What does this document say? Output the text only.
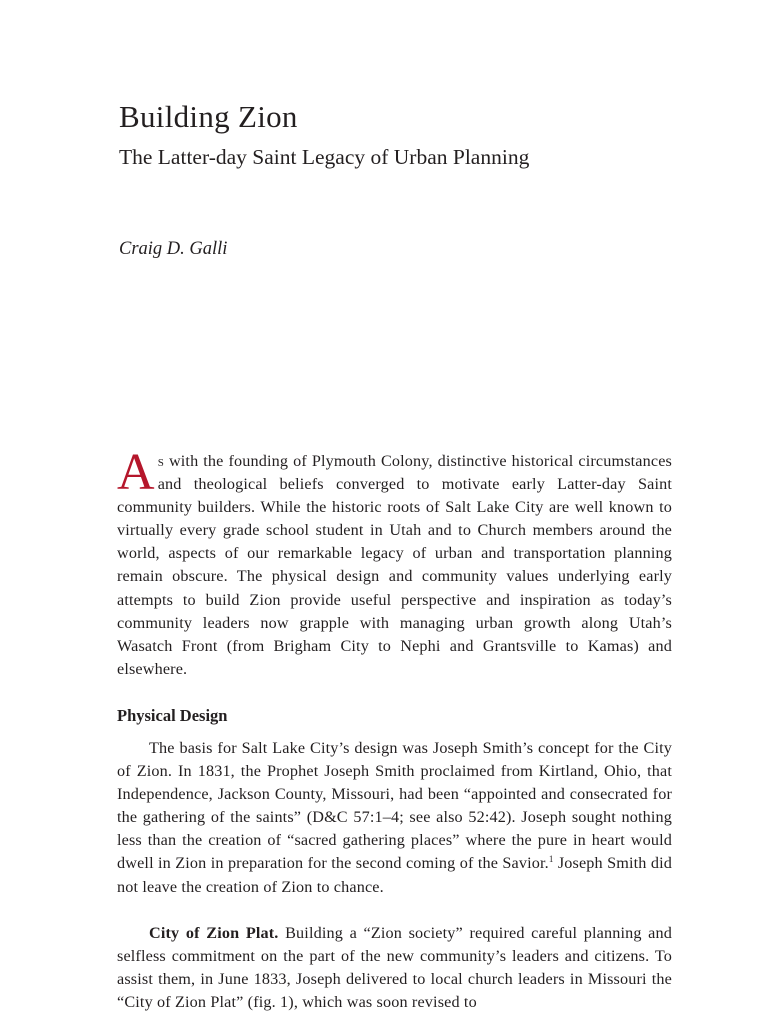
Building Zion
The Latter-day Saint Legacy of Urban Planning

Craig D. Galli

As with the founding of Plymouth Colony, distinctive historical circumstances and theological beliefs converged to motivate early Latter-day Saint community builders. While the historic roots of Salt Lake City are well known to virtually every grade school student in Utah and to Church members around the world, aspects of our remarkable legacy of urban and transportation planning remain obscure. The physical design and community values underlying early attempts to build Zion provide useful perspective and inspiration as today’s community leaders now grapple with managing urban growth along Utah’s Wasatch Front (from Brigham City to Nephi and Grantsville to Kamas) and elsewhere.
Physical Design

The basis for Salt Lake City’s design was Joseph Smith’s concept for the City of Zion. In 1831, the Prophet Joseph Smith proclaimed from Kirtland, Ohio, that Independence, Jackson County, Missouri, had been “appointed and consecrated for the gathering of the saints” (D&C 57:1–4; see also 52:42). Joseph sought nothing less than the creation of “sacred gathering places” where the pure in heart would dwell in Zion in preparation for the second coming of the Savior.$^1$ Joseph Smith did not leave the creation of Zion to chance.

City of Zion Plat. Building a “Zion society” required careful planning and selfless commitment on the part of the new community’s leaders and citizens. To assist them, in June 1833, Joseph delivered to local church leaders in Missouri the “City of Zion Plat” (fig. 1), which was soon revised to
